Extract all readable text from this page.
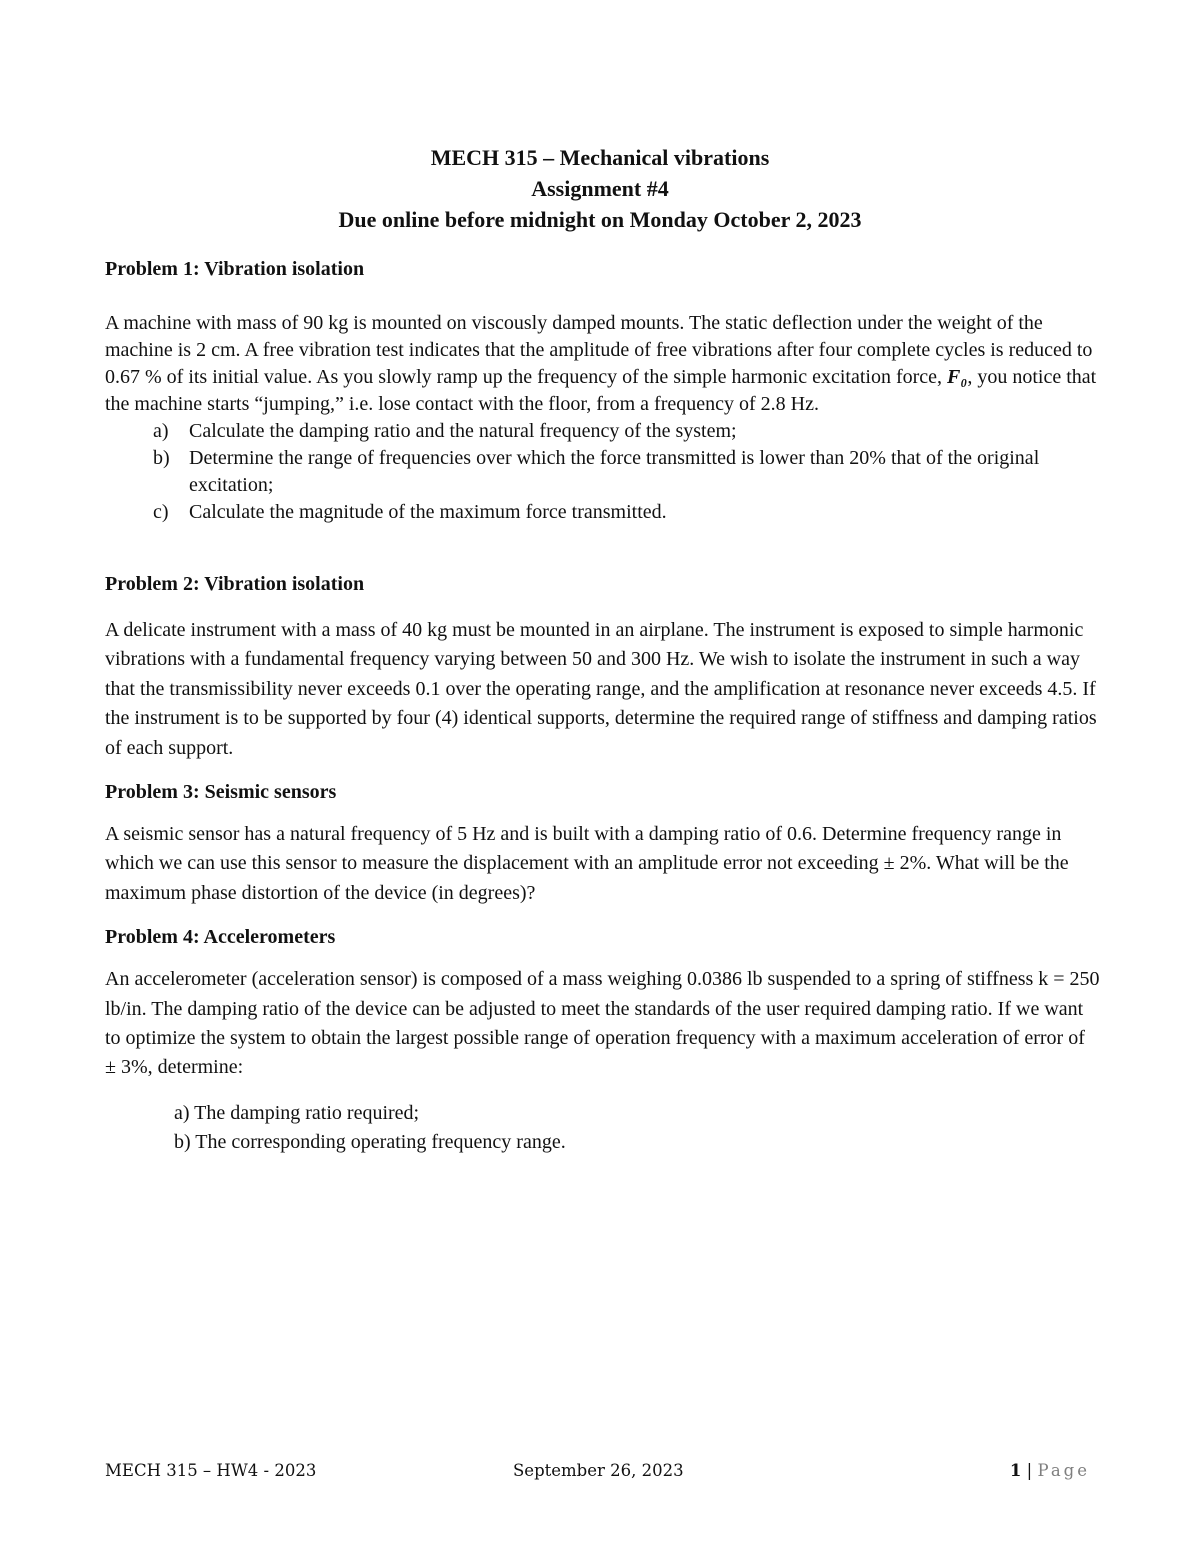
MECH 315 – Mechanical vibrations
Assignment #4
Due online before midnight on Monday October 2, 2023
Problem 1: Vibration isolation

A machine with mass of 90 kg is mounted on viscously damped mounts. The static deflection under the weight of the machine is 2 cm. A free vibration test indicates that the amplitude of free vibrations after four complete cycles is reduced to 0.67 % of its initial value. As you slowly ramp up the frequency of the simple harmonic excitation force, F₀, you notice that the machine starts “jumping,” i.e. lose contact with the floor, from a frequency of 2.8 Hz.

a) Calculate the damping ratio and the natural frequency of the system;
b) Determine the range of frequencies over which the force transmitted is lower than 20% that of the original excitation;
c) Calculate the magnitude of the maximum force transmitted.
Problem 2: Vibration isolation

A delicate instrument with a mass of 40 kg must be mounted in an airplane. The instrument is exposed to simple harmonic vibrations with a fundamental frequency varying between 50 and 300 Hz. We wish to isolate the instrument in such a way that the transmissibility never exceeds 0.1 over the operating range, and the amplification at resonance never exceeds 4.5. If the instrument is to be supported by four (4) identical supports, determine the required range of stiffness and damping ratios of each support.

Problem 3: Seismic sensors

A seismic sensor has a natural frequency of 5 Hz and is built with a damping ratio of 0.6. Determine frequency range in which we can use this sensor to measure the displacement with an amplitude error not exceeding ± 2%. What will be the maximum phase distortion of the device (in degrees)?

Problem 4: Accelerometers

An accelerometer (acceleration sensor) is composed of a mass weighing 0.0386 lb suspended to a spring of stiffness k = 250 lb/in. The damping ratio of the device can be adjusted to meet the standards of the user required damping ratio. If we want to optimize the system to obtain the largest possible range of operation frequency with a maximum acceleration of error of ± 3%, determine:

a) The damping ratio required;
b) The corresponding operating frequency range.
MECH 315 – HW4 - 2023	September 26, 2023	1 | Page
